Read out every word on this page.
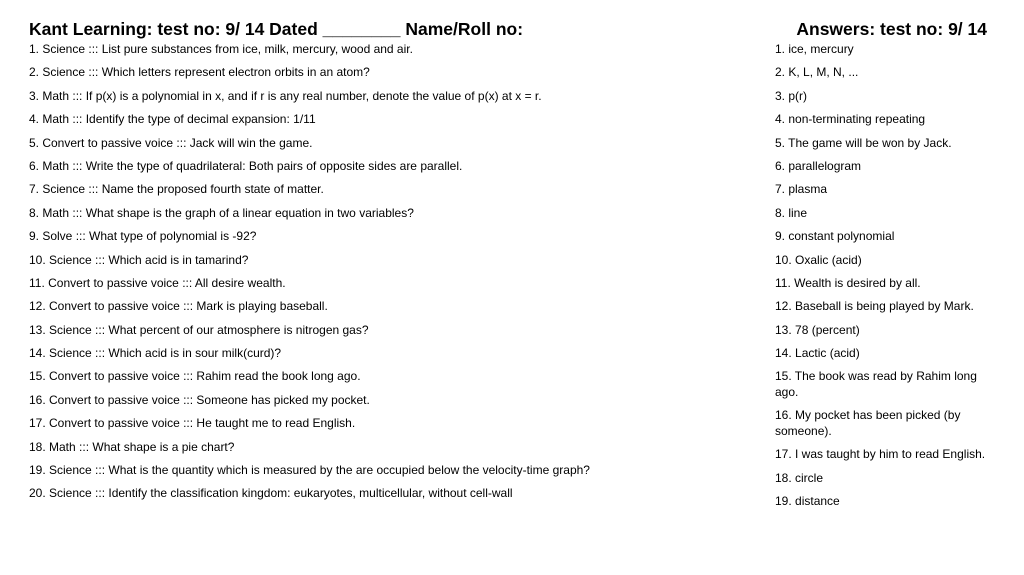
Kant Learning: test no: 9/ 14 Dated ________ Name/Roll no:
1. Science ::: List pure substances from ice, milk, mercury, wood and air.
2. Science ::: Which letters represent electron orbits in an atom?
3. Math ::: If p(x) is a polynomial in x, and if r is any real number, denote the value of p(x) at x = r.
4. Math ::: Identify the type of decimal expansion: 1/11
5. Convert to passive voice ::: Jack will win the game.
6. Math ::: Write the type of quadrilateral: Both pairs of opposite sides are parallel.
7. Science ::: Name the proposed fourth state of matter.
8. Math ::: What shape is the graph of a linear equation in two variables?
9. Solve ::: What type of polynomial is -92?
10. Science ::: Which acid is in tamarind?
11. Convert to passive voice ::: All desire wealth.
12. Convert to passive voice ::: Mark is playing baseball.
13. Science ::: What percent of our atmosphere is nitrogen gas?
14. Science ::: Which acid is in sour milk(curd)?
15. Convert to passive voice ::: Rahim read the book long ago.
16. Convert to passive voice ::: Someone has picked my pocket.
17. Convert to passive voice ::: He taught me to read English.
18. Math ::: What shape is a pie chart?
19. Science ::: What is the quantity which is measured by the are occupied below the velocity-time graph?
20. Science ::: Identify the classification kingdom: eukaryotes, multicellular, without cell-wall
Answers: test no: 9/ 14
1. ice, mercury
2. K, L, M, N, ...
3. p(r)
4. non-terminating repeating
5. The game will be won by Jack.
6. parallelogram
7. plasma
8. line
9. constant polynomial
10. Oxalic (acid)
11. Wealth is desired by all.
12. Baseball is being played by Mark.
13. 78 (percent)
14. Lactic (acid)
15. The book was read by Rahim long ago.
16. My pocket has been picked (by someone).
17. I was taught by him to read English.
18. circle
19. distance
